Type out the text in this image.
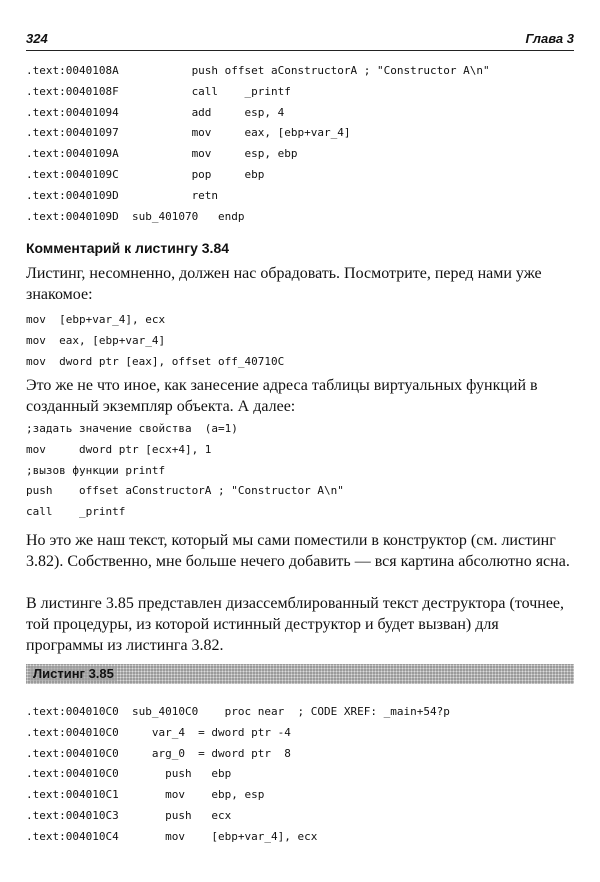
324	Глава 3
.text:0040108A           push offset aConstructorA ; "Constructor A\n"
.text:0040108F           call    _printf
.text:00401094           add     esp, 4
.text:00401097           mov     eax, [ebp+var_4]
.text:0040109A           mov     esp, ebp
.text:0040109C           pop     ebp
.text:0040109D           retn
.text:0040109D  sub_401070   endp
Комментарий к листингу 3.84

Листинг, несомненно, должен нас обрадовать. Посмотрите, перед нами уже знакомое:

mov  [ebp+var_4], ecx
mov  eax, [ebp+var_4]
mov  dword ptr [eax], offset off_40710C

Это же не что иное, как занесение адреса таблицы виртуальных функций в созданный экземпляр объекта. А далее:

;задать значение свойства  (a=1)
mov     dword ptr [ecx+4], 1
;вызов функции printf
push    offset aConstructorA ; "Constructor A\n"
call    _printf

Но это же наш текст, который мы сами поместили в конструктор (см. листинг 3.82). Собственно, мне больше нечего добавить — вся картина абсолютно ясна.

В листинге 3.85 представлен дизассемблированный текст деструктора (точнее, той процедуры, из которой истинный деструктор и будет вызван) для программы из листинга 3.82.

Листинг 3.85
.text:004010C0  sub_4010C0    proc near  ; CODE XREF: _main+54?p
.text:004010C0     var_4  = dword ptr -4
.text:004010C0     arg_0  = dword ptr  8
.text:004010C0       push   ebp
.text:004010C1       mov    ebp, esp
.text:004010C3       push   ecx
.text:004010C4       mov    [ebp+var_4], ecx
